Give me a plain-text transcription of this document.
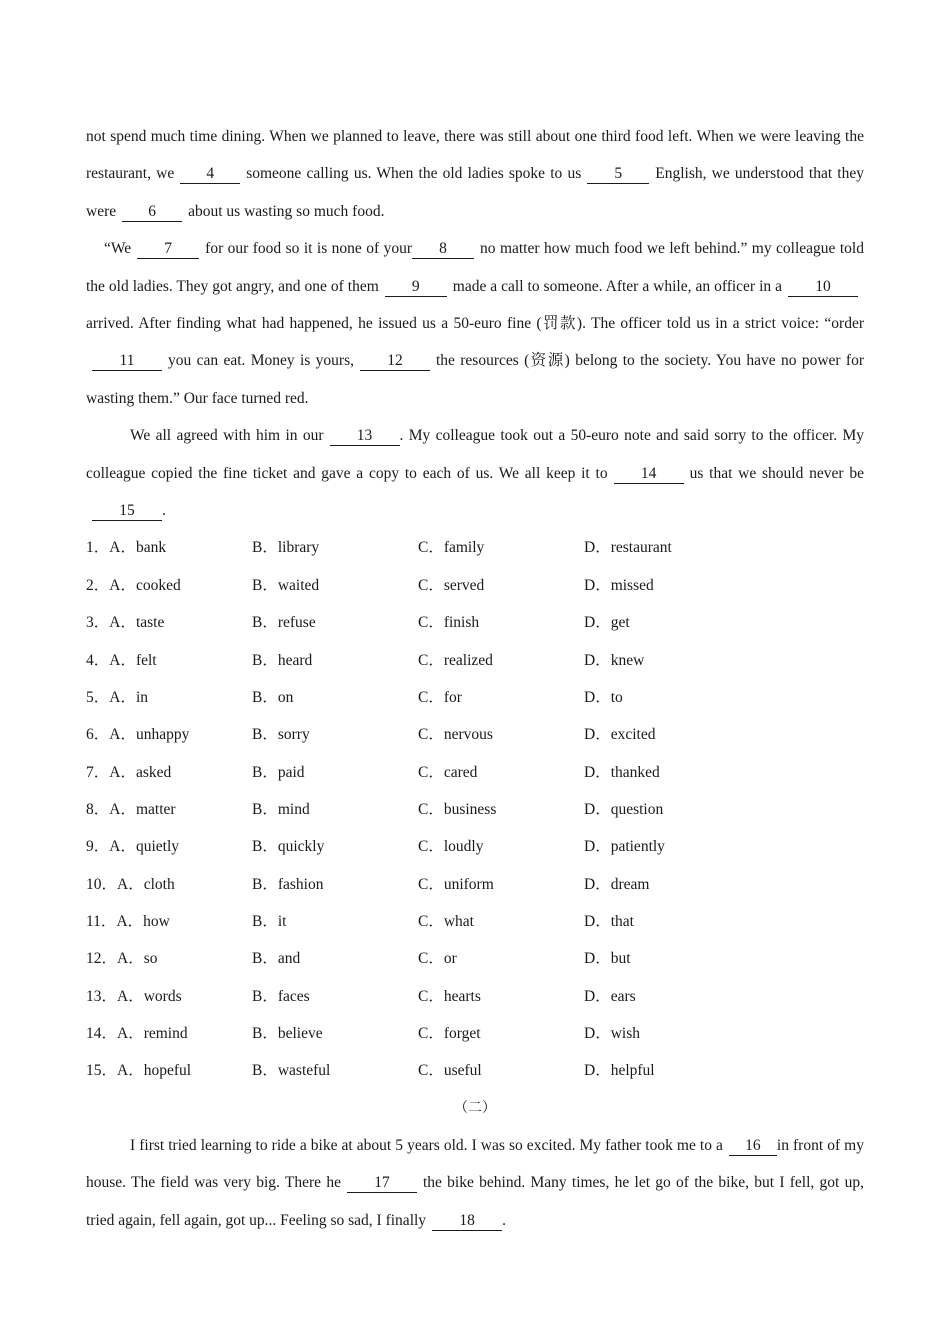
not spend much time dining. When we planned to leave, there was still about one third food left. When we were leaving the restaurant, we 4 someone calling us. When the old ladies spoke to us 5 English, we understood that they were 6 about us wasting so much food.

“We 7 for our food so it is none of your 8 no matter how much food we left behind.” my colleague told the old ladies. They got angry, and one of them 9 made a call to someone. After a while, an officer in a 10arrived. After finding what had happened, he issued us a 50-euro fine (罚款). The officer told us in a strict voice: “order11 you can eat. Money is yours, 12 the resources (资源) belong to the society. You have no power for wasting them.” Our face turned red.

We all agreed with him in our 13 . My colleague took out a 50-euro note and said sorry to the officer. My colleague copied the fine ticket and gave a copy to each of us. We all keep it to 14 us that we should never be15 .

1．A．bank	B．library	C．family	D．restaurant
2．A．cooked	B．waited	C．served	D．missed
3．A．taste	B．refuse	C．finish	D．get
4．A．felt	B．heard	C．realized	D．knew
5．A．in	B．on	C．for	D．to
6．A．unhappy	B．sorry	C．nervous	D．excited
7．A．asked	B．paid	C．cared	D．thanked
8．A．matter	B．mind	C．business	D．question
9．A．quietly	B．quickly	C．loudly	D．patiently
10．A．cloth	B．fashion	C．uniform	D．dream
11．A．how	B．it	C．what	D．that
12．A．so	B．and	C．or	D．but
13．A．words	B．faces	C．hearts	D．ears
14．A．remind	B．believe	C．forget	D．wish
15．A．hopeful	B．wasteful	C．useful	D．helpful
（二）

I first tried learning to ride a bike at about 5 years old. I was so excited. My father took me to a 16 in front of my house. The field was very big. There he 17 the bike behind. Many times, he let go of the bike, but I fell, got up, tried again, fell again, got up... Feeling so sad, I finally 18 .
